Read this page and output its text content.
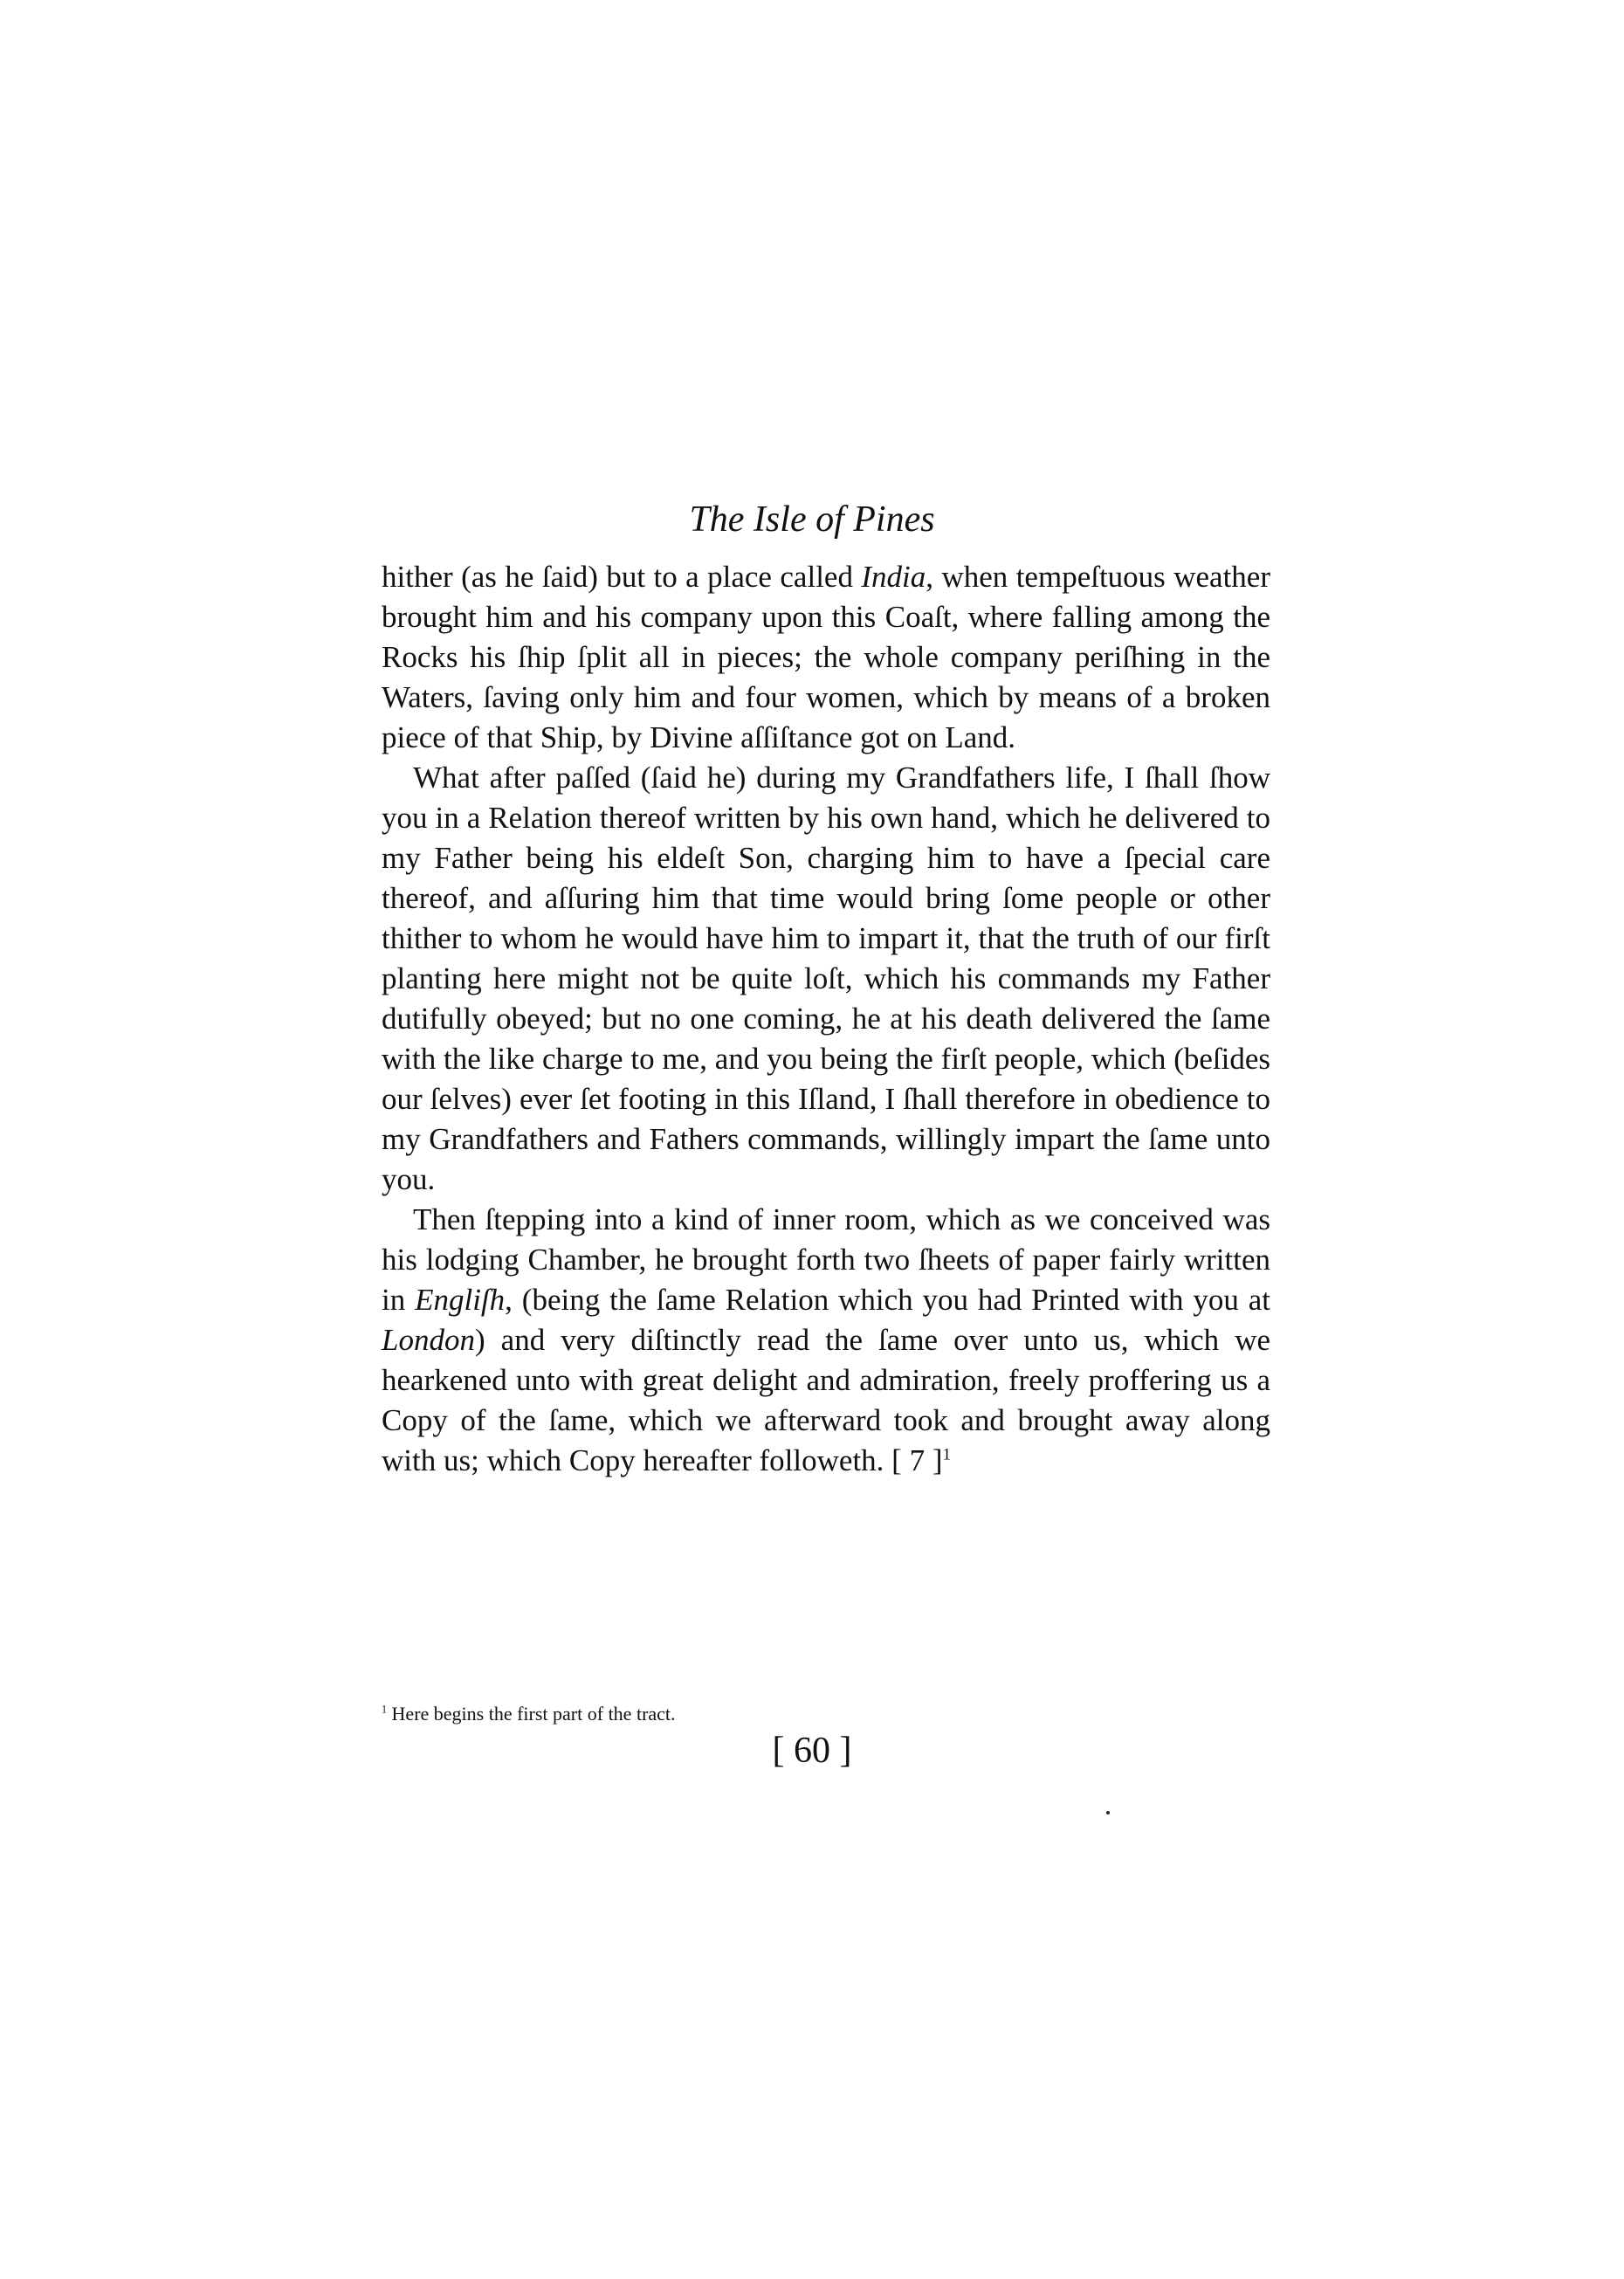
The Isle of Pines

hither (as he ſaid) but to a place called India, when tempeſtuous weather brought him and his company upon this Coaſt, where falling among the Rocks his ſhip ſplit all in pieces; the whole company periſhing in the Waters, ſaving only him and four women, which by means of a broken piece of that Ship, by Divine aſſiſtance got on Land.

What after paſſed (ſaid he) during my Grandfathers life, I ſhall ſhow you in a Relation thereof written by his own hand, which he delivered to my Father being his eldeſt Son, charging him to have a ſpecial care thereof, and aſſuring him that time would bring ſome people or other thither to whom he would have him to impart it, that the truth of our firſt planting here might not be quite loſt, which his commands my Father dutifully obeyed; but no one coming, he at his death delivered the ſame with the like charge to me, and you being the firſt people, which (beſides our ſelves) ever ſet footing in this Iſland, I ſhall therefore in obedience to my Grandfathers and Fathers commands, willingly impart the ſame unto you.

Then ſtepping into a kind of inner room, which as we conceived was his lodging Chamber, he brought forth two ſheets of paper fairly written in Engliſh, (being the ſame Relation which you had Printed with you at London) and very diſtinctly read the ſame over unto us, which we hearkened unto with great delight and admiration, freely proffering us a Copy of the ſame, which we afterward took and brought away along with us; which Copy hereafter followeth. [ 7 ]$^1$

$^1$ Here begins the first part of the tract.
[ 60 ]
